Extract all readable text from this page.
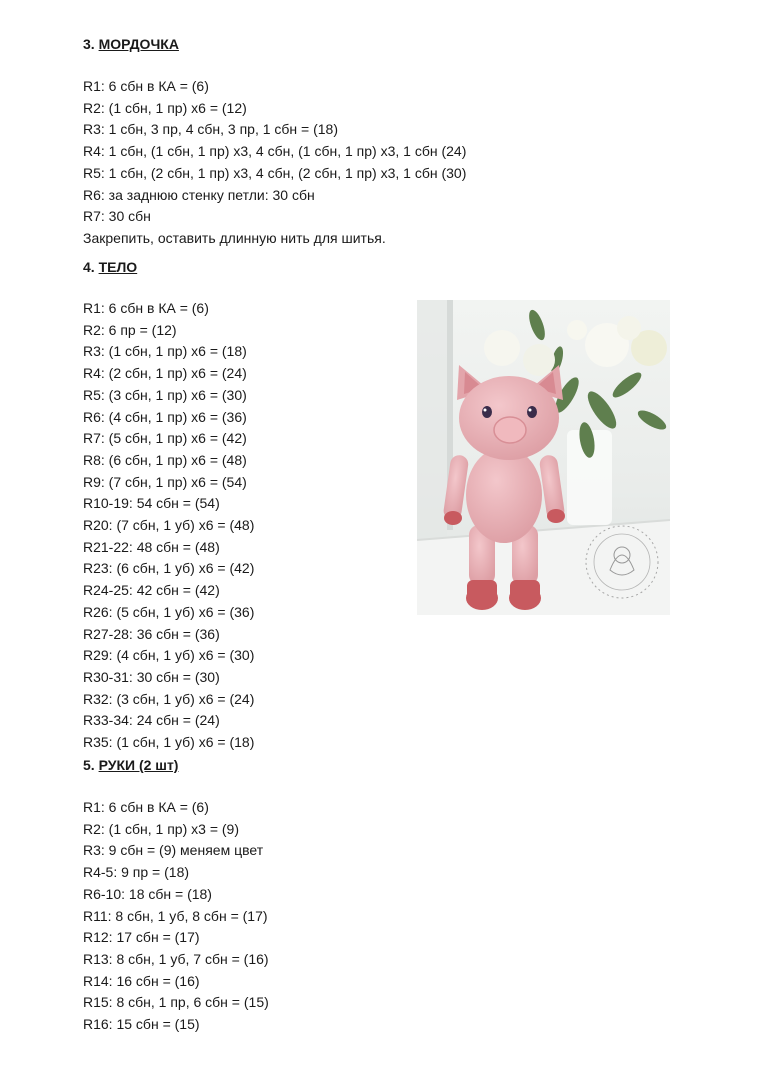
3. МОРДОЧКА

R1: 6 сбн в КА = (6)

R2: (1 сбн, 1 пр) х6 = (12)

R3: 1 сбн, 3 пр, 4 сбн, 3 пр, 1 сбн = (18)

R4: 1 сбн, (1 сбн, 1 пр) х3, 4 сбн, (1 сбн, 1 пр) х3, 1 сбн (24)

R5: 1 сбн, (2 сбн, 1 пр) х3, 4 сбн, (2 сбн, 1 пр) х3, 1 сбн (30)

R6: за заднюю стенку петли: 30 сбн

R7: 30 сбн

Закрепить, оставить длинную нить для шитья.

4. ТЕЛО

R1: 6 сбн в КА = (6)

R2: 6 пр = (12)

R3: (1 сбн, 1 пр) х6 = (18)

R4: (2 сбн, 1 пр) х6 = (24)

R5: (3 сбн, 1 пр) х6 = (30)

R6: (4 сбн, 1 пр) х6 = (36)

R7: (5 сбн, 1 пр) х6 = (42)

R8: (6 сбн, 1 пр) х6 = (48)

R9: (7 сбн, 1 пр) х6 = (54)

R10-19: 54 сбн = (54)

R20: (7 сбн, 1 уб) х6 = (48)

R21-22: 48 сбн = (48)

R23: (6 сбн, 1 уб) х6 = (42)

R24-25: 42 сбн = (42)

R26: (5 сбн, 1 уб) х6 = (36)

R27-28: 36 сбн = (36)

R29: (4 сбн, 1 уб) х6 = (30)

R30-31: 30 сбн = (30)

R32: (3 сбн, 1 уб) х6 = (24)

R33-34: 24 сбн = (24)

R35: (1 сбн, 1 уб) х6 = (18)

5. РУКИ (2 шт)

R1: 6 сбн в КА = (6)

R2: (1 сбн, 1 пр) х3 = (9)

R3: 9 сбн = (9) меняем цвет

R4-5: 9 пр = (18)

R6-10: 18 сбн = (18)

R11: 8 сбн, 1 уб, 8 сбн = (17)

R12: 17 сбн = (17)

R13: 8 сбн, 1 уб, 7 сбн = (16)

R14: 16 сбн = (16)

R15: 8 сбн, 1 пр, 6 сбн = (15)

R16: 15 сбн = (15)
